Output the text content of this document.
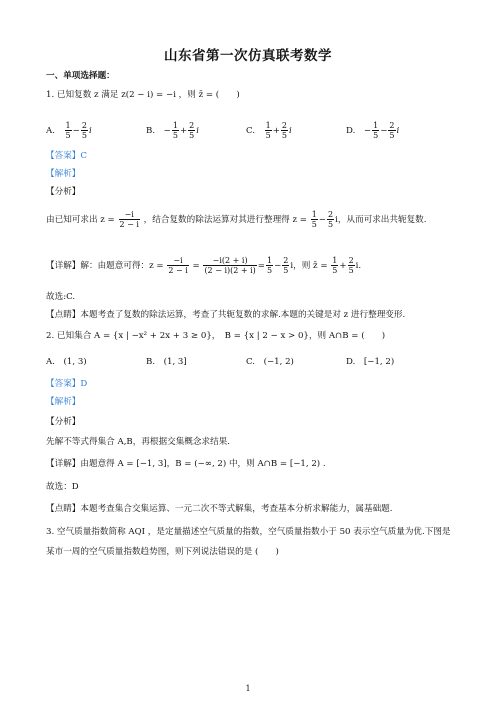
山东省第一次仿真联考数学
一、单项选择题：
1. 已知复数 z 满足 z(2 − i) = −i ，则 z̄ = (　　)
A.　 $\frac{1}{5} - \frac{2}{5}$ i	B.　− $\frac{1}{5} + \frac{2}{5}$ i	C.　 $\frac{1}{5} + \frac{2}{5}$ i	D.　− $\frac{1}{5} - \frac{2}{5}$ i
【答案】C
【解析】
【分析】
由已知可求出 $z = \frac{-i}{2 - i}$ ，结合复数的除法运算对其进行整理得 $z = \frac{1}{5} - \frac{2}{5}$ i，从而可求出共轭复数.
【详解】解：由题意可得：$z = \frac{-i}{2 - i} = \frac{-i(2 + i)}{(2 - i)(2 + i)} = \frac{1}{5} - \frac{2}{5}$ i，则 z̄ = $\frac{1}{5} + \frac{2}{5} i$.
故选:C.
【点睛】本题考查了复数的除法运算，考查了共轭复数的求解.本题的关键是对 z 进行整理变形.
2. 已知集合 A = {x | −x² + 2x + 3 ≥ 0}，　B = {x | 2 − x > 0}，则 A∩B = (　　)
A.　(1, 3)	B.　(1, 3]	C.　(−1, 2)	D.　[−1, 2)
【答案】D
【解析】
【分析】
先解不等式得集合 A,B，再根据交集概念求结果.
【详解】由题意得 A = [−1, 3]，B = (−∞, 2) 中，则 A∩B = [−1, 2) .
故选：D
【点睛】本题考查集合交集运算、一元二次不等式解集，考查基本分析求解能力，属基础题.
3. 空气质量指数简称 AQI ，是定量描述空气质量的指数，空气质量指数小于 50 表示空气质量为优.下图是
某市一周的空气质量指数趋势图，则下列说法错误的是 (　　)
1
